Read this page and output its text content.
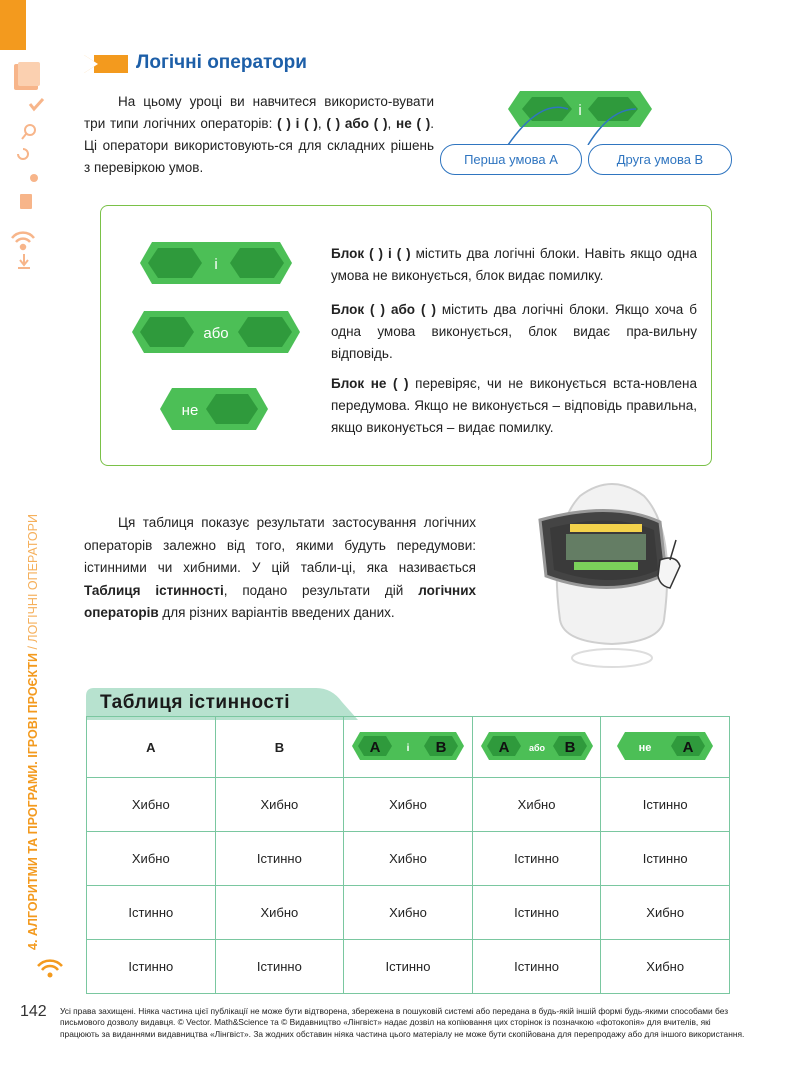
4. АЛГОРИТМИ ТА ПРОГРАМИ. ІГРОВІ ПРОЄКТИ / ЛОГІЧНІ ОПЕРАТОРИ
Логічні оператори
На цьому уроці ви навчитеся використо-вувати три типи логічних операторів: ( ) і ( ), ( ) або ( ), не ( ). Ці оператори використовують-ся для складних рішень з перевіркою умов.
і
Перша умова А	Друга умова В
і
або
не
Блок ( ) і ( ) містить два логічні блоки. Навіть якщо одна умова не виконується, блок видає помилку.
Блок ( ) або ( ) містить два логічні блоки. Якщо хоча б одна умова виконується, блок видає пра-вильну відповідь.
Блок не ( ) перевіряє, чи не виконується вста-новлена передумова. Якщо не виконується – відповідь правильна, якщо виконується – видає помилку.
Ця таблиця показує результати застосування логічних операторів залежно від того, якими будуть передумови: істинними чи хибними. У цій табли-ці, яка називається Таблиця істинності, подано результати дій логічних операторів для різних варіантів введених даних.
Таблиця істинності
А	В	А і В	А або В	не А

Хибно	Хибно	Хибно	Хибно	Істинно
Хибно	Істинно	Хибно	Істинно	Істинно
Істинно	Хибно	Хибно	Істинно	Хибно
Істинно	Істинно	Істинно	Істинно	Хибно
142 Усі права захищені. Ніяка частина цієї публікації не може бути відтворена, збережена в пошуковій системі або передана в будь-якій іншій формі будь-якими способами без письмового дозволу видавця. © Vector. Math&Science та © Видавництво «Лінгвіст» надає дозвіл на копіювання цих сторінок із позначкою «фотокопія» для вчителів, які працюють за виданнями видавництва «Лінгвіст». За жодних обставин ніяка частина цього матеріалу не може бути скопійована для перепродажу або для іншого використання.
